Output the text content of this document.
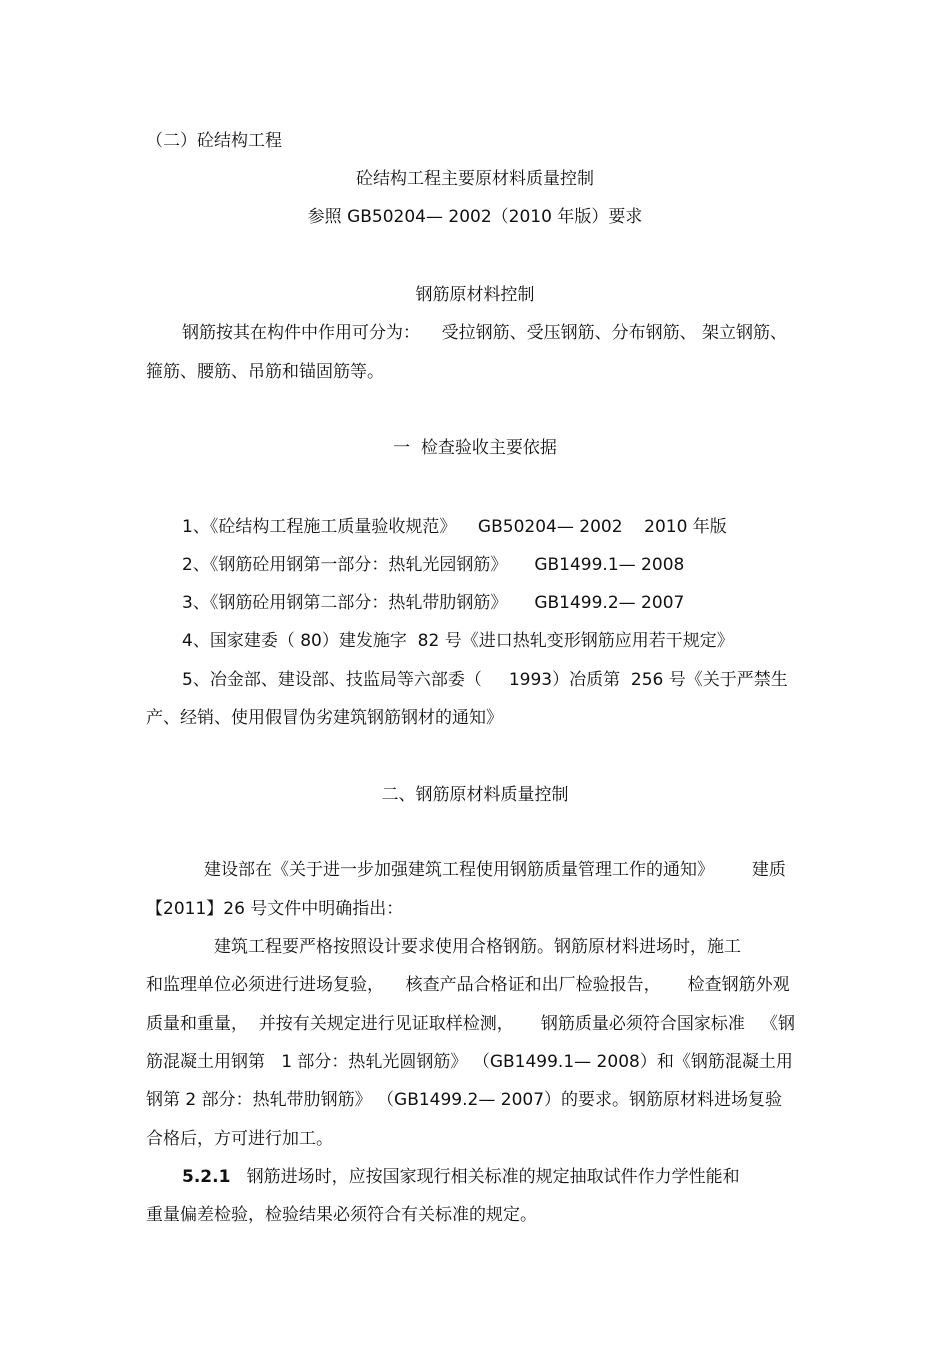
（二）砼结构工程
砼结构工程主要原材料质量控制
参照 GB50204— 2002（2010 年版）要求
钢筋原材料控制
钢筋按其在构件中作用可分为：    受拉钢筋、受压钢筋、分布钢筋、 架立钢筋、
箍筋、腰筋、吊筋和锚固筋等。
一  检查验收主要依据
1、《砼结构工程施工质量验收规范》    GB50204— 2002    2010 年版
2、《钢筋砼用钢第一部分：热轧光园钢筋》     GB1499.1— 2008
3、《钢筋砼用钢第二部分：热轧带肋钢筋》     GB1499.2— 2007
4、国家建委（ 80）建发施字  82 号《进口热轧变形钢筋应用若干规定》
5、冶金部、建设部、技监局等六部委（     1993）冶质第  256 号《关于严禁生
产、经销、使用假冒伪劣建筑钢筋钢材的通知》
二、钢筋原材料质量控制
建设部在《关于进一步加强建筑工程使用钢筋质量管理工作的通知》       建质
【2011】26 号文件中明确指出：
建筑工程要严格按照设计要求使用合格钢筋。钢筋原材料进场时，施工
和监理单位必须进行进场复验，    核查产品合格证和出厂检验报告，     检查钢筋外观
质量和重量，  并按有关规定进行见证取样检测，     钢筋质量必须符合国家标准   《钢
筋混凝土用钢第   1 部分：热轧光圆钢筋》 （GB1499.1— 2008）和《钢筋混凝土用
钢第 2 部分：热轧带肋钢筋》 （GB1499.2— 2007）的要求。钢筋原材料进场复验
合格后，方可进行加工。
5.2.1 钢筋进场时，应按国家现行相关标准的规定抽取试件作力学性能和
重量偏差检验，检验结果必须符合有关标准的规定。
